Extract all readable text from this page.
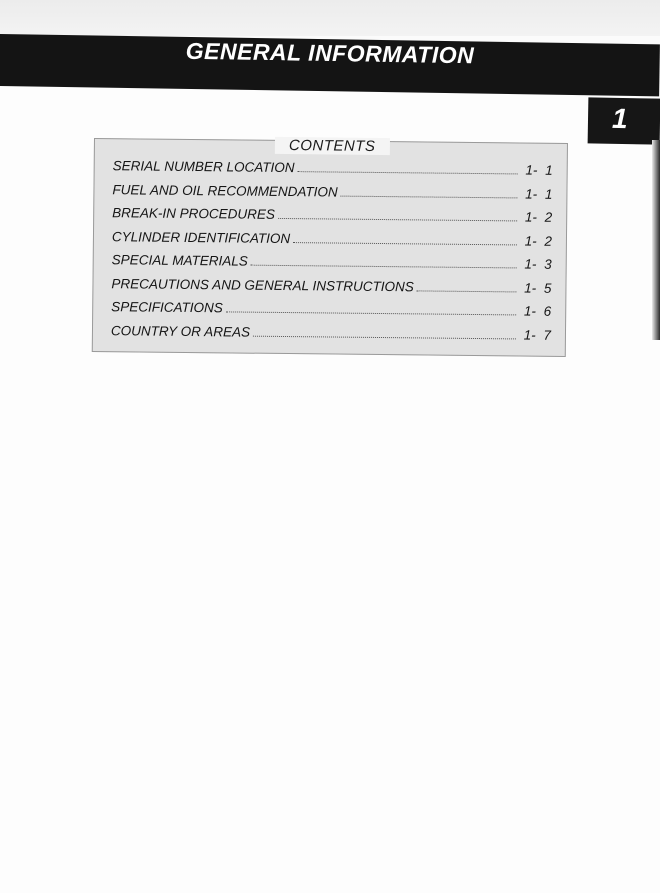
GENERAL INFORMATION
1
CONTENTS
SERIAL NUMBER LOCATION	1- 1
FUEL AND OIL RECOMMENDATION	1- 1
BREAK-IN PROCEDURES	1- 2
CYLINDER IDENTIFICATION	1- 2
SPECIAL MATERIALS	1- 3
PRECAUTIONS AND GENERAL INSTRUCTIONS	1- 5
SPECIFICATIONS	1- 6
COUNTRY OR AREAS	1- 7
